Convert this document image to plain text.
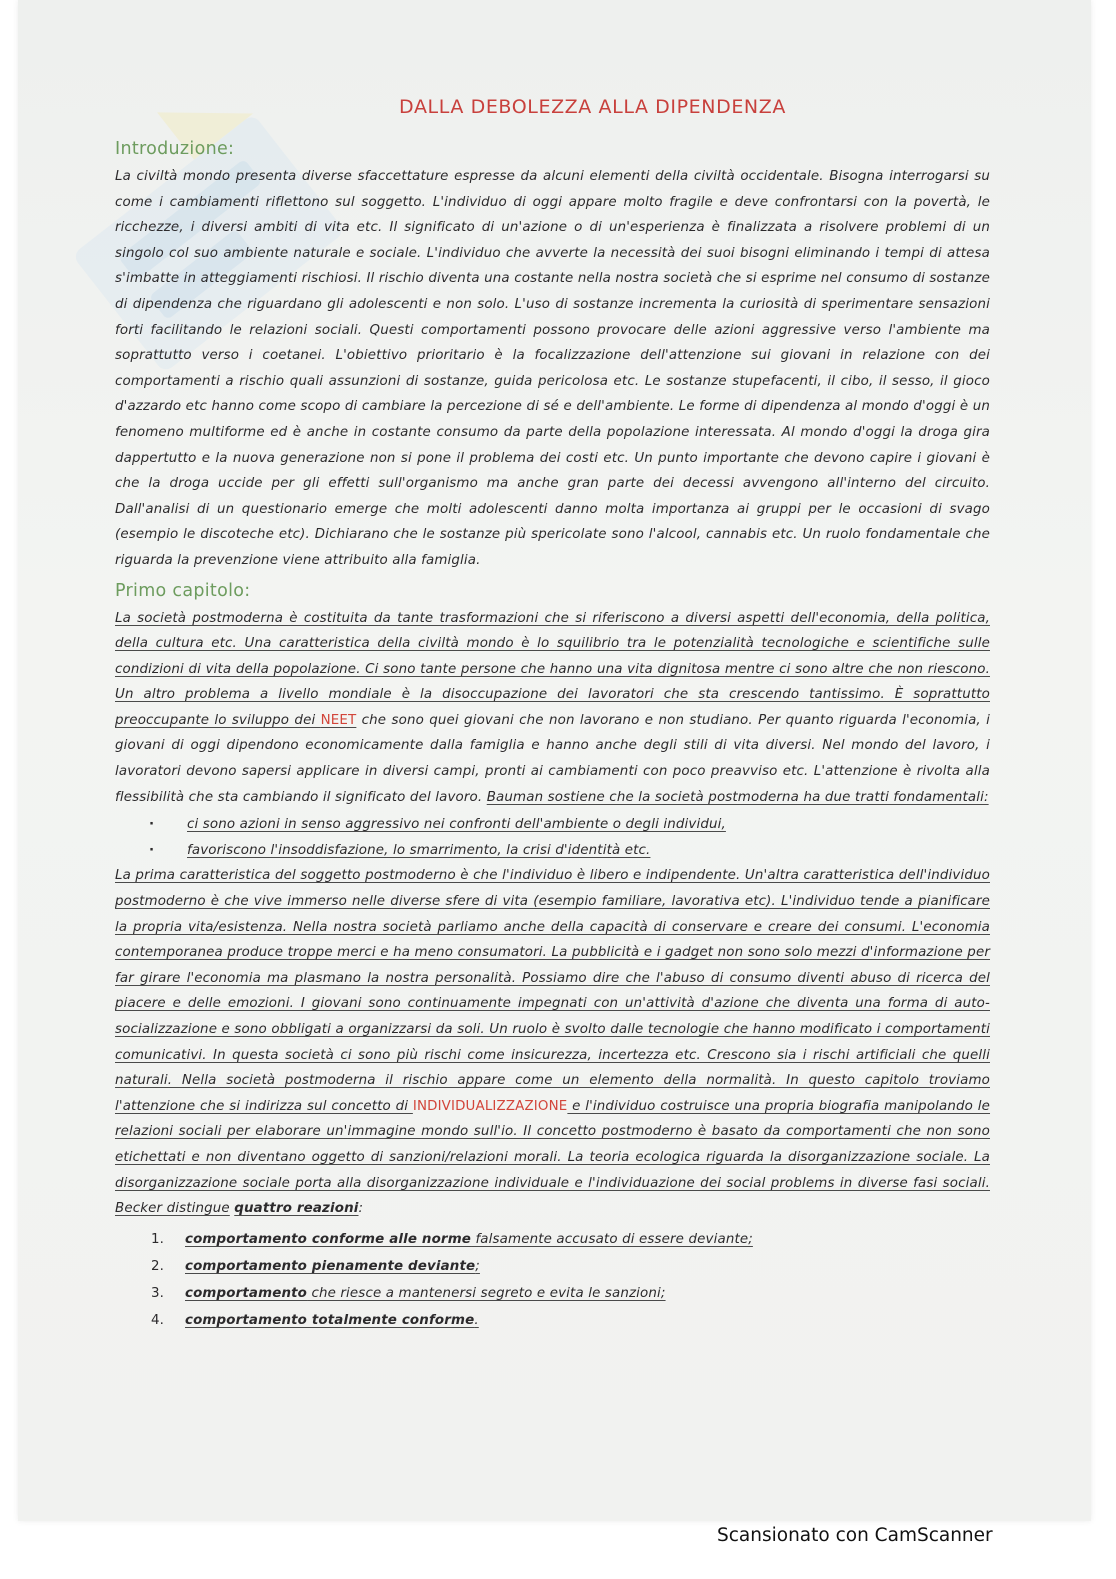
DALLA DEBOLEZZA ALLA DIPENDENZA
Introduzione:

La civiltà mondo presenta diverse sfaccettature espresse da alcuni elementi della civiltà occidentale. Bisogna interrogarsi su come i cambiamenti riflettono sul soggetto. L'individuo di oggi appare molto fragile e deve confrontarsi con la povertà, le ricchezze, i diversi ambiti di vita etc. Il significato di un'azione o di un'esperienza è finalizzata a risolvere problemi di un singolo col suo ambiente naturale e sociale. L'individuo che avverte la necessità dei suoi bisogni eliminando i tempi di attesa s'imbatte in atteggiamenti rischiosi. Il rischio diventa una costante nella nostra società che si esprime nel consumo di sostanze di dipendenza che riguardano gli adolescenti e non solo. L'uso di sostanze incrementa la curiosità di sperimentare sensazioni forti facilitando le relazioni sociali. Questi comportamenti possono provocare delle azioni aggressive verso l'ambiente ma soprattutto verso i coetanei. L'obiettivo prioritario è la focalizzazione dell'attenzione sui giovani in relazione con dei comportamenti a rischio quali assunzioni di sostanze, guida pericolosa etc. Le sostanze stupefacenti, il cibo, il sesso, il gioco d'azzardo etc hanno come scopo di cambiare la percezione di sé e dell'ambiente. Le forme di dipendenza al mondo d'oggi è un fenomeno multiforme ed è anche in costante consumo da parte della popolazione interessata. Al mondo d'oggi la droga gira dappertutto e la nuova generazione non si pone il problema dei costi etc. Un punto importante che devono capire i giovani è che la droga uccide per gli effetti sull'organismo ma anche gran parte dei decessi avvengono all'interno del circuito. Dall'analisi di un questionario emerge che molti adolescenti danno molta importanza ai gruppi per le occasioni di svago (esempio le discoteche etc). Dichiarano che le sostanze più spericolate sono l'alcool, cannabis etc. Un ruolo fondamentale che riguarda la prevenzione viene attribuito alla famiglia.

Primo capitolo:

La società postmoderna è costituita da tante trasformazioni che si riferiscono a diversi aspetti dell'economia, della politica, della cultura etc. Una caratteristica della civiltà mondo è lo squilibrio tra le potenzialità tecnologiche e scientifiche sulle condizioni di vita della popolazione. Ci sono tante persone che hanno una vita dignitosa mentre ci sono altre che non riescono. Un altro problema a livello mondiale è la disoccupazione dei lavoratori che sta crescendo tantissimo. È soprattutto preoccupante lo sviluppo dei NEET che sono quei giovani che non lavorano e non studiano. Per quanto riguarda l'economia, i giovani di oggi dipendono economicamente dalla famiglia e hanno anche degli stili di vita diversi. Nel mondo del lavoro, i lavoratori devono sapersi applicare in diversi campi, pronti ai cambiamenti con poco preavviso etc. L'attenzione è rivolta alla flessibilità che sta cambiando il significato del lavoro. Bauman sostiene che la società postmoderna ha due tratti fondamentali:

· ci sono azioni in senso aggressivo nei confronti dell'ambiente o degli individui,
· favoriscono l'insoddisfazione, lo smarrimento, la crisi d'identità etc.

La prima caratteristica del soggetto postmoderno è che l'individuo è libero e indipendente. Un'altra caratteristica dell'individuo postmoderno è che vive immerso nelle diverse sfere di vita (esempio familiare, lavorativa etc). L'individuo tende a pianificare la propria vita/esistenza. Nella nostra società parliamo anche della capacità di conservare e creare dei consumi. L'economia contemporanea produce troppe merci e ha meno consumatori. La pubblicità e i gadget non sono solo mezzi d'informazione per far girare l'economia ma plasmano la nostra personalità. Possiamo dire che l'abuso di consumo diventi abuso di ricerca del piacere e delle emozioni. I giovani sono continuamente impegnati con un'attività d'azione che diventa una forma di auto-socializzazione e sono obbligati a organizzarsi da soli. Un ruolo è svolto dalle tecnologie che hanno modificato i comportamenti comunicativi. In questa società ci sono più rischi come insicurezza, incertezza etc. Crescono sia i rischi artificiali che quelli naturali. Nella società postmoderna il rischio appare come un elemento della normalità. In questo capitolo troviamo l'attenzione che si indirizza sul concetto di INDIVIDUALIZZAZIONE e l'individuo costruisce una propria biografia manipolando le relazioni sociali per elaborare un'immagine mondo sull'io. Il concetto postmoderno è basato da comportamenti che non sono etichettati e non diventano oggetto di sanzioni/relazioni morali. La teoria ecologica riguarda la disorganizzazione sociale. La disorganizzazione sociale porta alla disorganizzazione individuale e l'individuazione dei social problems in diverse fasi sociali. Becker distingue quattro reazioni:

1. comportamento conforme alle norme falsamente accusato di essere deviante;
2. comportamento pienamente deviante;
3. comportamento che riesce a mantenersi segreto e evita le sanzioni;
4. comportamento totalmente conforme.
Scansionato con CamScanner
